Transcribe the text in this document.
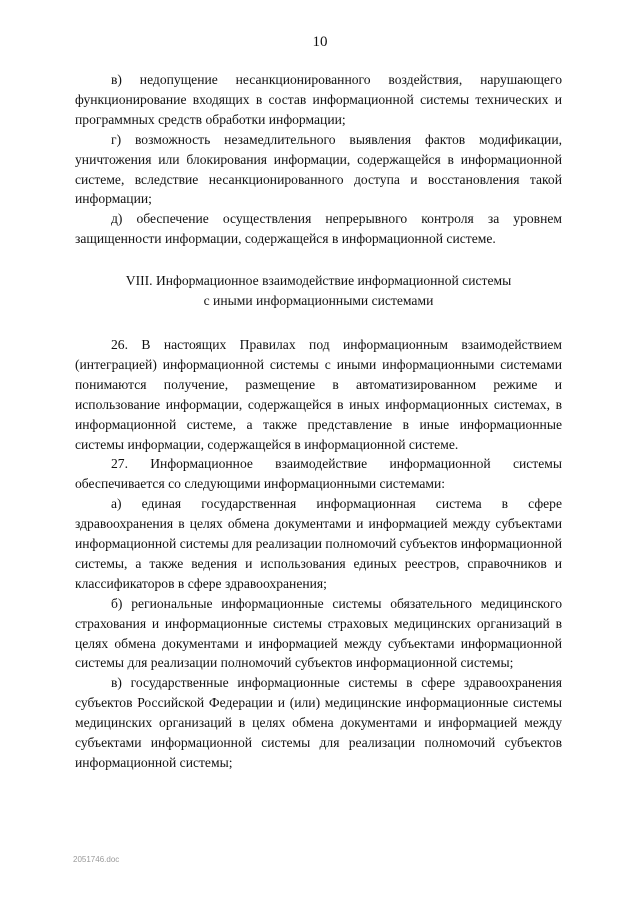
10

в) недопущение несанкционированного воздействия, нарушающего функционирование входящих в состав информационной системы технических и программных средств обработки информации;

г) возможность незамедлительного выявления фактов модификации, уничтожения или блокирования информации, содержащейся в информационной системе, вследствие несанкционированного доступа и восстановления такой информации;

д) обеспечение осуществления непрерывного контроля за уровнем защищенности информации, содержащейся в информационной системе.

VIII. Информационное взаимодействие информационной системы
с иными информационными системами

26. В настоящих Правилах под информационным взаимодействием (интеграцией) информационной системы с иными информационными системами понимаются получение, размещение в автоматизированном режиме и использование информации, содержащейся в иных информационных системах, в информационной системе, а также представление в иные информационные системы информации, содержащейся в информационной системе.

27. Информационное взаимодействие информационной системы обеспечивается со следующими информационными системами:

а) единая государственная информационная система в сфере здравоохранения в целях обмена документами и информацией между субъектами информационной системы для реализации полномочий субъектов информационной системы, а также ведения и использования единых реестров, справочников и классификаторов в сфере здравоохранения;

б) региональные информационные системы обязательного медицинского страхования и информационные системы страховых медицинских организаций в целях обмена документами и информацией между субъектами информационной системы для реализации полномочий субъектов информационной системы;

в) государственные информационные системы в сфере здравоохранения субъектов Российской Федерации и (или) медицинские информационные системы медицинских организаций в целях обмена документами и информацией между субъектами информационной системы для реализации полномочий субъектов информационной системы;

2051746.doc
